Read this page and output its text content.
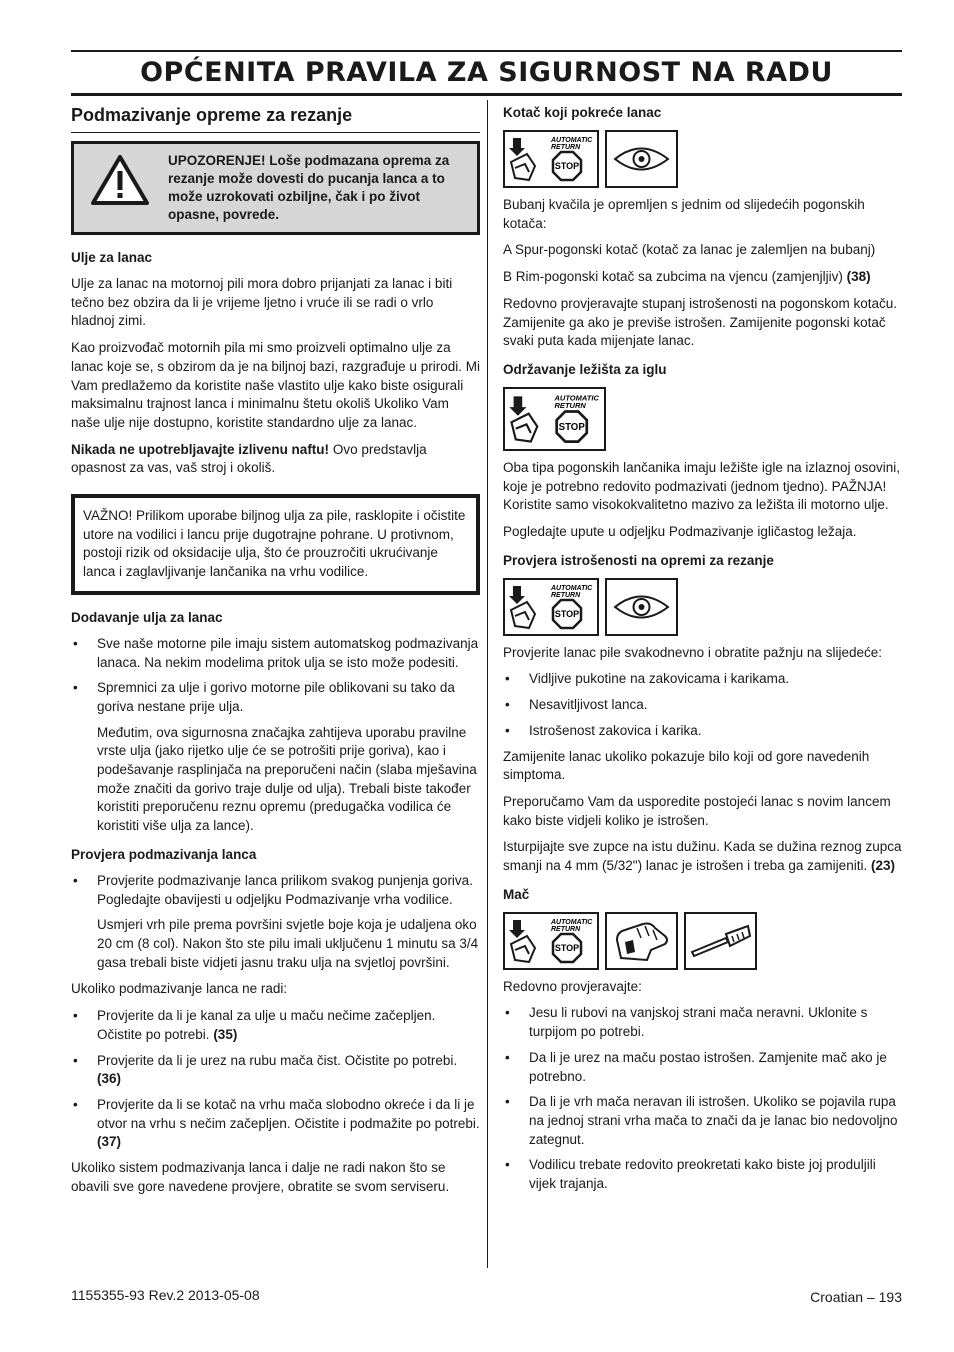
OPĆENITA PRAVILA ZA SIGURNOST NA RADU
Podmazivanje opreme za rezanje
UPOZORENJE! Loše podmazana oprema za rezanje može dovesti do pucanja lanca a to može uzrokovati ozbiljne, čak i po život opasne, povrede.
Ulje za lanac

Ulje za lanac na motornoj pili mora dobro prijanjati za lanac i biti tečno bez obzira da li je vrijeme ljetno i vruće ili se radi o vrlo hladnoj zimi.

Kao proizvođač motornih pila mi smo proizveli optimalno ulje za lanac koje se, s obzirom da je na biljnoj bazi, razgrađuje u prirodi. Mi Vam predlažemo da koristite naše vlastito ulje kako biste osigurali maksimalnu trajnost lanca i minimalnu štetu okoliš Ukoliko Vam naše ulje nije dostupno, koristite standardno ulje za lanac.

Nikada ne upotrebljavajte izlivenu naftu! Ovo predstavlja opasnost za vas, vaš stroj i okoliš.

VAŽNO! Prilikom uporabe biljnog ulja za pile, rasklopite i očistite utore na vodilici i lancu prije dugotrajne pohrane. U protivnom, postoji rizik od oksidacije ulja, što će prouzročiti ukrućivanje lanca i zaglavljivanje lančanika na vrhu vodilice.

Dodavanje ulja za lanac
• Sve naše motorne pile imaju sistem automatskog podmazivanja lanaca. Na nekim modelima pritok ulja se isto može podesiti.
• Spremnici za ulje i gorivo motorne pile oblikovani su tako da goriva nestane prije ulja.

Međutim, ova sigurnosna značajka zahtijeva uporabu pravilne vrste ulja (jako rijetko ulje će se potrošiti prije goriva), kao i podešavanje rasplinjača na preporučeni način (slaba mješavina može značiti da gorivo traje dulje od ulja). Trebali biste također koristiti preporučenu reznu opremu (predugačka vodilica će koristiti više ulja za lance).

Provjera podmazivanja lanca
• Provjerite podmazivanje lanca prilikom svakog punjenja goriva. Pogledajte obavijesti u odjeljku Podmazivanje vrha vodilice.

Usmjeri vrh pile prema površini svjetle boje koja je udaljena oko 20 cm (8 col). Nakon što ste pilu imali uključenu 1 minutu sa 3/4 gasa trebali biste vidjeti jasnu traku ulja na svjetloj površini.

Ukoliko podmazivanje lanca ne radi:

• Provjerite da li je kanal za ulje u maču nečime začepljen. Očistite po potrebi. (35)
• Provjerite da li je urez na rubu mača čist. Očistite po potrebi. (36)
• Provjerite da li se kotač na vrhu mača slobodno okreće i da li je otvor na vrhu s nečim začepljen. Očistite i podmažite po potrebi. (37)

Ukoliko sistem podmazivanja lanca i dalje ne radi nakon što se obavili sve gore navedene provjere, obratite se svom serviseru.

Kotač koji pokreće lanac
AUTOMATIC
RETURN
STOP

Bubanj kvačila je opremljen s jednim od slijedećih pogonskih kotača:

A Spur-pogonski kotač (kotač za lanac je zalemljen na bubanj)

B Rim-pogonski kotač sa zubcima na vjencu (zamjenjljiv) (38)

Redovno provjeravajte stupanj istrošenosti na pogonskom kotaču. Zamijenite ga ako je previše istrošen. Zamijenite pogonski kotač svaki puta kada mijenjate lanac.

Održavanje ležišta za iglu
AUTOMATIC
RETURN
STOP

Oba tipa pogonskih lančanika imaju ležište igle na izlaznoj osovini, koje je potrebno redovito podmazivati (jednom tjedno). PAŽNJA! Koristite samo visokokvalitetno mazivo za ležišta ili motorno ulje.

Pogledajte upute u odjeljku Podmazivanje igličastog ležaja.

Provjera istrošenosti na opremi za rezanje
AUTOMATIC
RETURN
STOP

Provjerite lanac pile svakodnevno i obratite pažnju na slijedeće:

• Vidljive pukotine na zakovicama i karikama.
• Nesavitljivost lanca.
• Istrošenost zakovica i karika.

Zamijenite lanac ukoliko pokazuje bilo koji od gore navedenih simptoma.

Preporučamo Vam da usporedite postojeći lanac s novim lancem kako biste vidjeli koliko je istrošen.

Isturpijajte sve zupce na istu dužinu. Kada se dužina reznog zupca smanji na 4 mm (5/32") lanac je istrošen i treba ga zamijeniti. (23)

Mač
AUTOMATIC
RETURN
STOP

Redovno provjeravajte:

• Jesu li rubovi na vanjskoj strani mača neravni. Uklonite s turpijom po potrebi.
• Da li je urez na maču postao istrošen. Zamjenite mač ako je potrebno.
• Da li je vrh mača neravan ili istrošen. Ukoliko se pojavila rupa na jednoj strani vrha mača to znači da je lanac bio nedovoljno zategnut.
• Vodilicu trebate redovito preokretati kako biste joj produljili vijek trajanja.
1155355-93 Rev.2 2013-05-08	Croatian – 193
